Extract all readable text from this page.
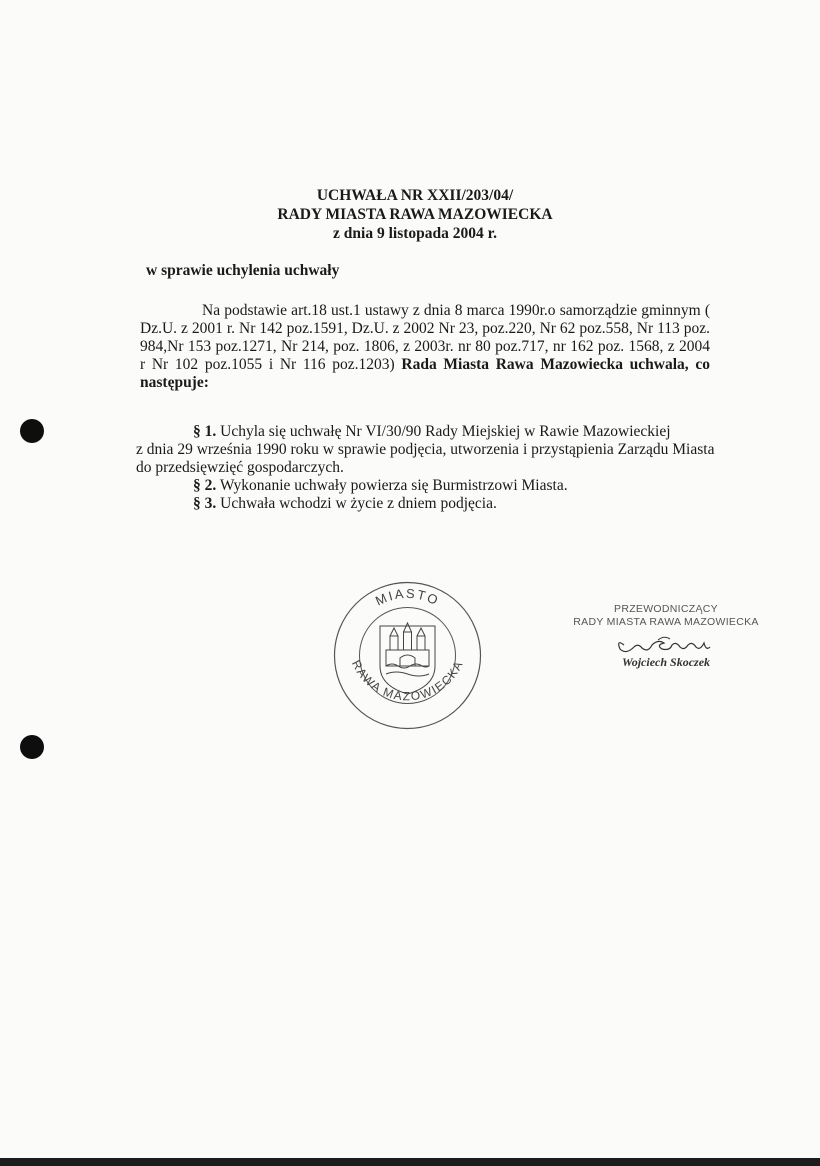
UCHWAŁA NR XXII/203/04/
RADY MIASTA RAWA MAZOWIECKA
z dnia 9 listopada 2004 r.
w sprawie uchylenia uchwały
Na podstawie art.18 ust.1 ustawy z dnia 8 marca 1990r.o samorządzie gminnym ( Dz.U. z 2001 r. Nr 142 poz.1591, Dz.U. z 2002 Nr 23, poz.220, Nr 62 poz.558, Nr 113 poz. 984,Nr 153 poz.1271, Nr 214, poz. 1806, z 2003r. nr 80 poz.717, nr 162 poz. 1568, z 2004 r Nr 102 poz.1055 i Nr 116 poz.1203) Rada Miasta Rawa Mazowiecka uchwala, co następuje:
§ 1. Uchyla się uchwałę Nr VI/30/90 Rady Miejskiej w Rawie Mazowieckiej
z dnia 29 września 1990 roku w sprawie podjęcia, utworzenia i przystąpienia Zarządu Miasta
do przedsięwzięć gospodarczych.
§ 2. Wykonanie uchwały powierza się Burmistrzowi Miasta.
§ 3. Uchwała wchodzi w życie z dniem podjęcia.
MIASTO
RAWA MAZOWIECKA
PRZEWODNICZĄCY
RADY MIASTA RAWA MAZOWIECKA
Wojciech Skoczek
